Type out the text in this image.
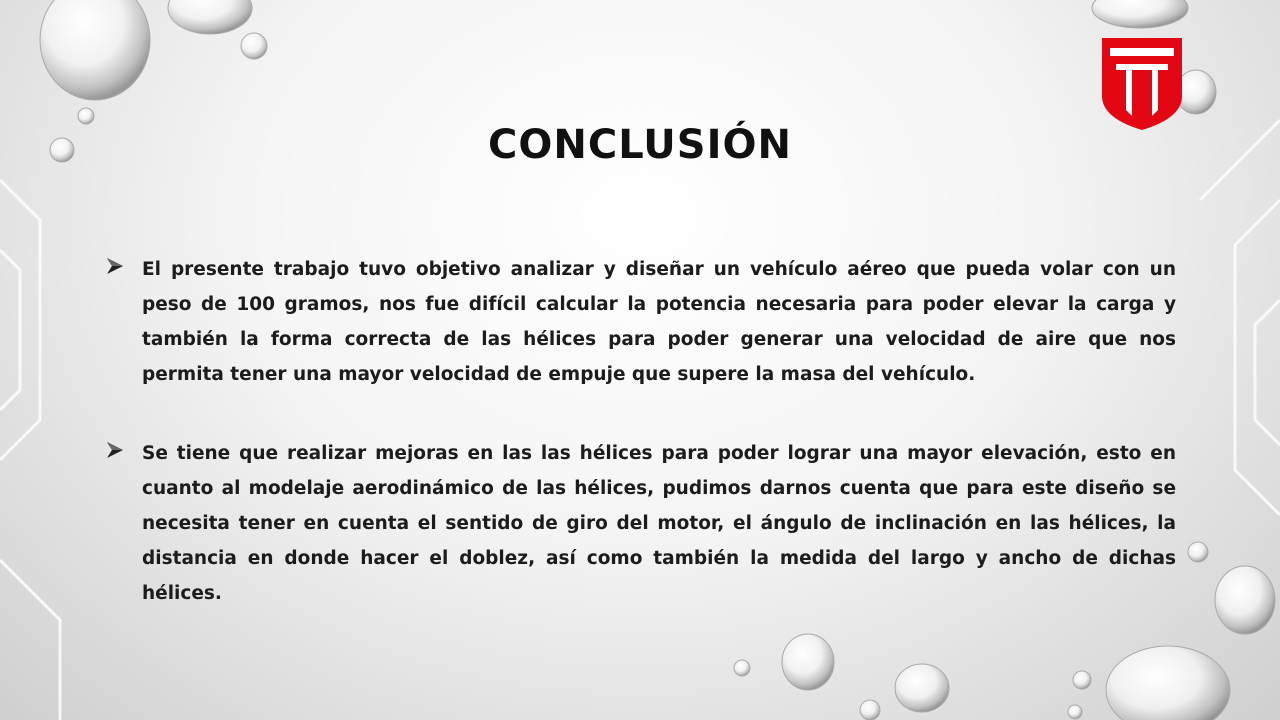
CONCLUSIÓN
El presente trabajo tuvo objetivo analizar y diseñar un vehículo aéreo que pueda volar con un peso de 100 gramos, nos fue difícil calcular la potencia necesaria para poder elevar la carga y también la forma correcta de las hélices para poder generar una velocidad de aire que nos permita tener una mayor velocidad de empuje que supere la masa del vehículo.
Se tiene que realizar mejoras en las las hélices para poder lograr una mayor elevación, esto en cuanto al modelaje aerodinámico de las hélices, pudimos darnos cuenta que para este diseño se necesita tener en cuenta el sentido de giro del motor, el ángulo de inclinación en las hélices, la distancia en donde hacer el doblez, así como también la medida del largo y ancho de dichas hélices.
